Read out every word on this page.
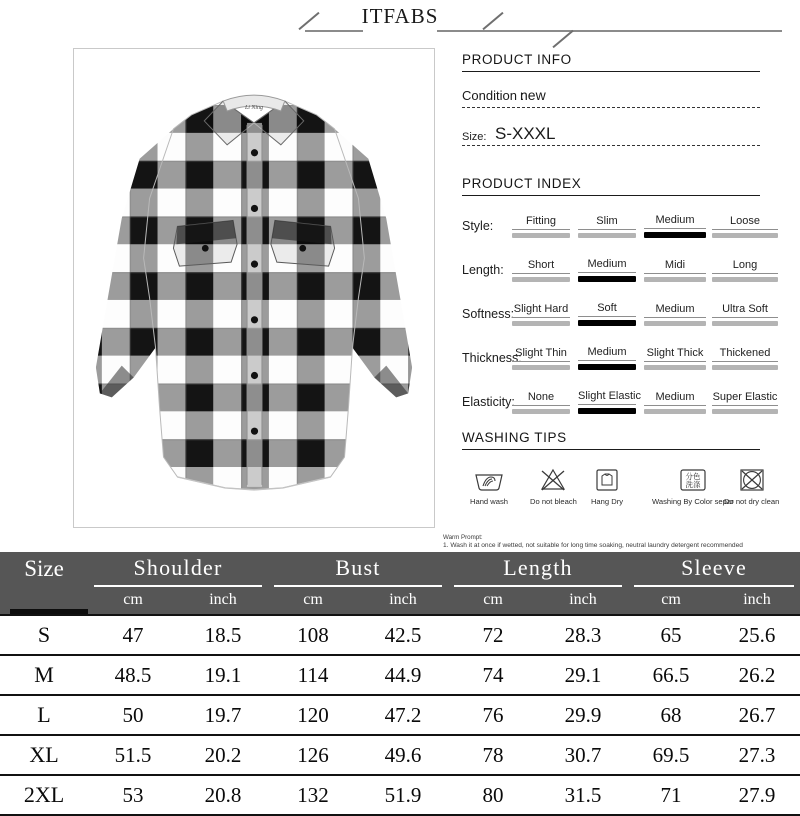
ITFABS
Li Ning
PRODUCT INFO
Condition :
new
Size: S-XXXL
PRODUCT INDEX
Style:	Fitting	Slim	Medium	Loose
Length:	Short	Medium	Midi	Long
Softness: Slight Hard	Soft	Medium	Ultra Soft
Thickness:
Slight Thin	Medium	Slight Thick	Thickened
Elasticity:	None	Slight Elastic	Medium	Super Elastic
WASHING TIPS
Hand wash	Do not bleach Hang Dry
分色
洗涤
Washing By Color separ
Do not dry clean
Warm Prompt:
1. Wash it at once if wetted, not suitable for long time soaking, neutral laundry detergent recommended
Size	Shoulder
cm	inch
Bust
cm	inch
Length
cm	inch
Sleeve
cm	inch
S	47	18.5	108	42.5	72	28.3	65	25.6
M	48.5	19.1	114	44.9	74	29.1	66.5	26.2
L	50	19.7	120	47.2	76	29.9	68	26.7
XL	51.5	20.2	126	49.6	78	30.7	69.5	27.3
2XL	53	20.8	132	51.9	80	31.5	71	27.9
